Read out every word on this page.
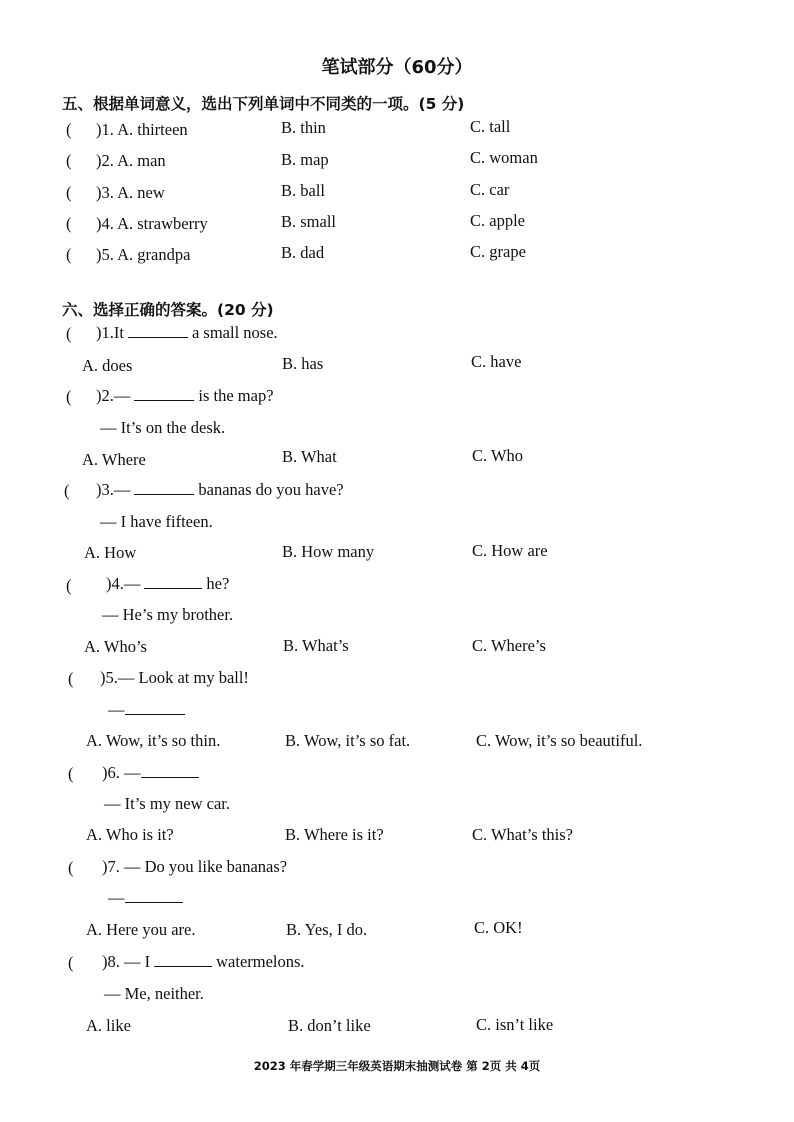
笔试部分（60分）
五、根据单词意义，选出下列单词中不同类的一项。(5 分)
( )1. A. thirteen	B. thin	C. tall
( )2. A. man	B. map	C. woman
( )3. A. new	B. ball	C. car
( )4. A. strawberry	B. small	C. apple
( )5. A. grandpa	B. dad	C. grape
六、选择正确的答案。(20 分)
( )1.It	a small nose.
A. does	B. has	C. have
( )2.—	is the map?
— It’s on the desk.
A. Where	B. What	C. Who
( )3.—	bananas do you have?
— I have fifteen.
A. How	B. How many	C. How are
( )4.—	he?
— He’s my brother.
A. Who’s	B. What’s	C. Where’s
( )5.— Look at my ball!
—
A. Wow, it’s so thin.	B. Wow, it’s so fat.	C. Wow, it’s so beautiful.
( )6. —
— It’s my new car.
A. Who is it?	B. Where is it?	C. What’s this?
( )7. — Do you like bananas?
—
A. Here you are.	B. Yes, I do.	C. OK!
( )8. — I	watermelons.
— Me, neither.
A. like	B. don’t like	C. isn’t like
2023 年春学期三年级英语期末抽测试卷 第 2页 共 4页
